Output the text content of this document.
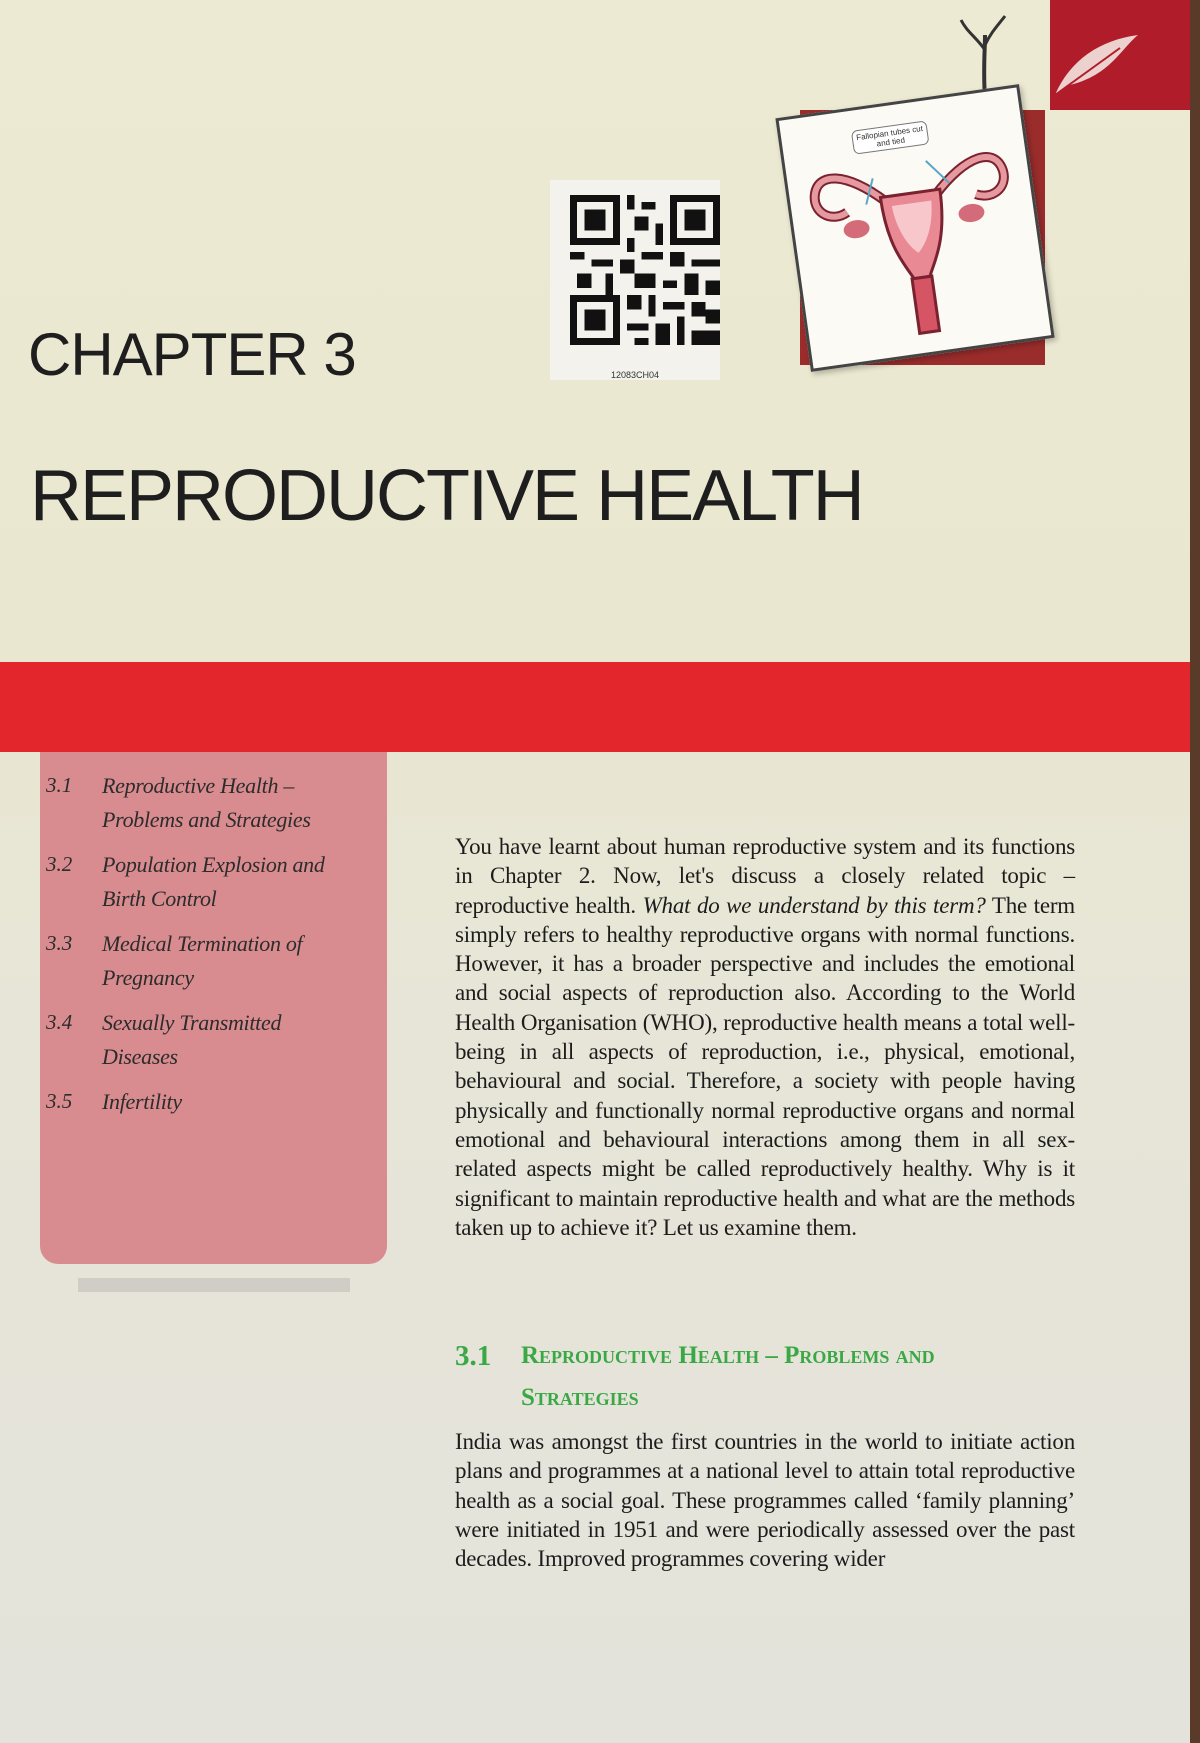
12083CH04
Fallopian tubes cut and tied
CHAPTER 3
REPRODUCTIVE HEALTH
3.1 Reproductive Health –
Problems and Strategies
3.2 Population Explosion and
Birth Control
3.3 Medical Termination of
Pregnancy
3.4 Sexually Transmitted
Diseases
3.5 Infertility
You have learnt about human reproductive system and its functions in Chapter 2. Now, let's discuss a closely related topic – reproductive health. What do we understand by this term? The term simply refers to healthy reproductive organs with normal functions. However, it has a broader perspective and includes the emotional and social aspects of reproduction also. According to the World Health Organisation (WHO), reproductive health means a total well-being in all aspects of reproduction, i.e., physical, emotional, behavioural and social. Therefore, a society with people having physically and functionally normal reproductive organs and normal emotional and behavioural interactions among them in all sex-related aspects might be called reproductively healthy. Why is it significant to maintain reproductive health and what are the methods taken up to achieve it? Let us examine them.
3.1 Reproductive Health – Problems and
Strategies
India was amongst the first countries in the world to initiate action plans and programmes at a national level to attain total reproductive health as a social goal. These programmes called ‘family planning’ were initiated in 1951 and were periodically assessed over the past decades. Improved programmes covering wider
